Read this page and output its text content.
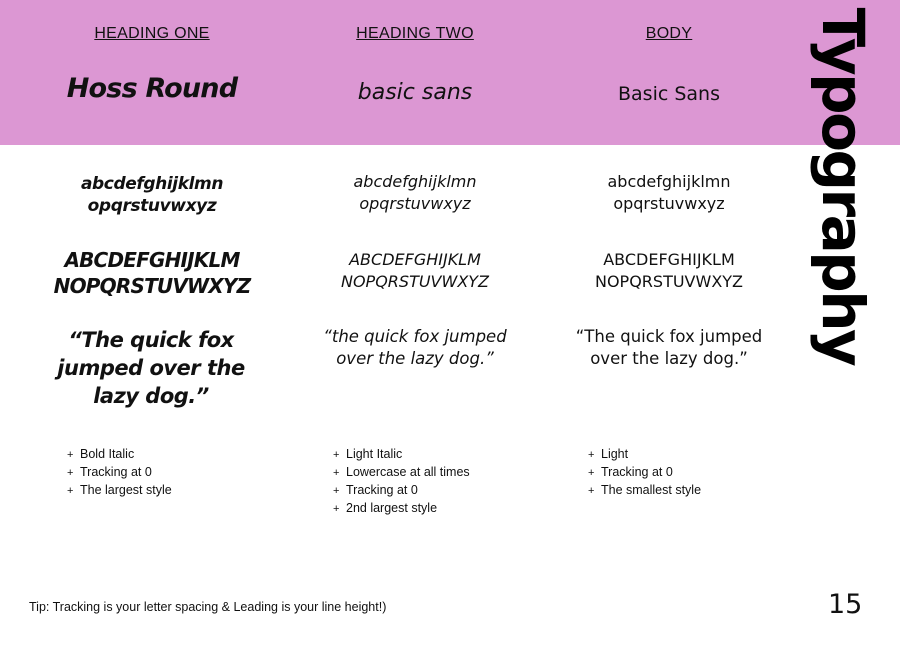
HEADING ONE
Hoss Round
abcdefghijklmn
opqrstuvwxyz
ABCDEFGHIJKLM
NOPQRSTUVWXYZ
“The quick fox
jumped over the
lazy dog.”
+ Bold Italic
+ Tracking at 0
+ The largest style
HEADING TWO
basic sans
abcdefghijklmn
opqrstuvwxyz
ABCDEFGHIJKLM
NOPQRSTUVWXYZ
“the quick fox jumped
over the lazy dog.”
+ Light Italic
+ Lowercase at all times
+ Tracking at 0
+ 2nd largest style
BODY
Basic Sans
abcdefghijklmn
opqrstuvwxyz
ABCDEFGHIJKLM
NOPQRSTUVWXYZ
“The quick fox jumped
over the lazy dog.”
+ Light
+ Tracking at 0
+ The smallest style
Typography
Tip: Tracking is your letter spacing & Leading is your line height!)	15
